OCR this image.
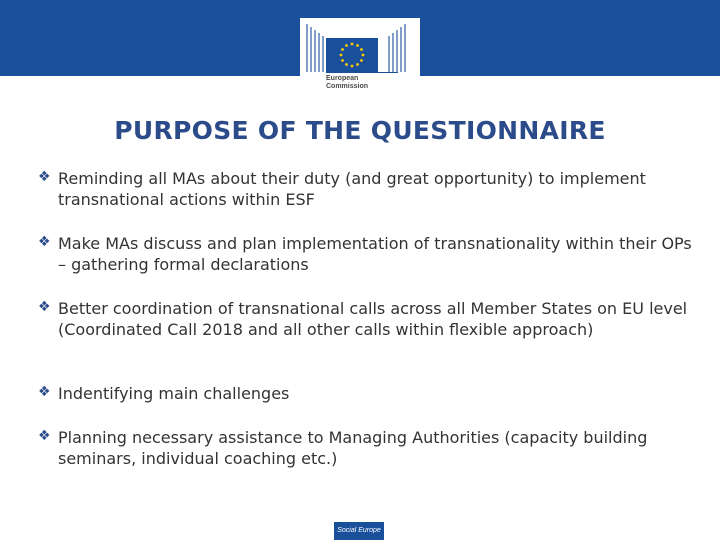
European
Commission
PURPOSE OF THE QUESTIONNAIRE
❖ Reminding all MAs about their duty (and great opportunity) to implement transnational actions within ESF
❖ Make MAs discuss and plan implementation of transnationality within their OPs – gathering formal declarations
❖ Better coordination of transnational calls across all Member States on EU level (Coordinated Call 2018 and all other calls within flexible approach)
❖ Indentifying main challenges
❖ Planning necessary assistance to Managing Authorities (capacity building seminars, individual coaching etc.)
Social Europe
